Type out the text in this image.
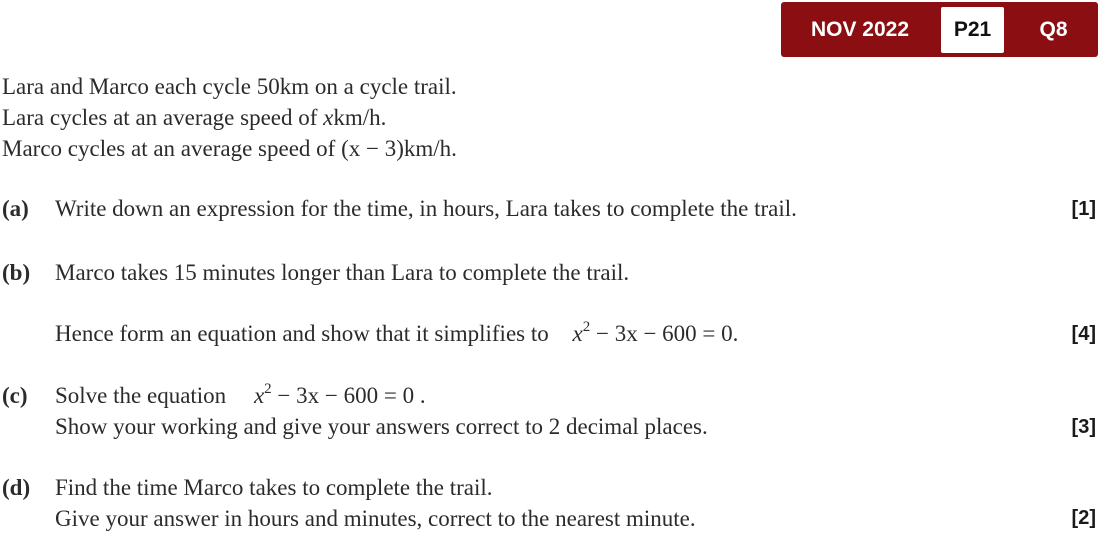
NOV 2022	P21	Q8
Lara and Marco each cycle 50km on a cycle trail.
Lara cycles at an average speed of xkm/h.
Marco cycles at an average speed of (x − 3)km/h.
(a) Write down an expression for the time, in hours, Lara takes to complete the trail.	[1]
(b) Marco takes 15 minutes longer than Lara to complete the trail.
Hence form an equation and show that it simplifies to $x^2 - 3x - 600 = 0$.	[4]
(c) Solve the equation $x^2 - 3x - 600 = 0$ .
Show your working and give your answers correct to 2 decimal places.	[3]
(d) Find the time Marco takes to complete the trail.
Give your answer in hours and minutes, correct to the nearest minute.	[2]
